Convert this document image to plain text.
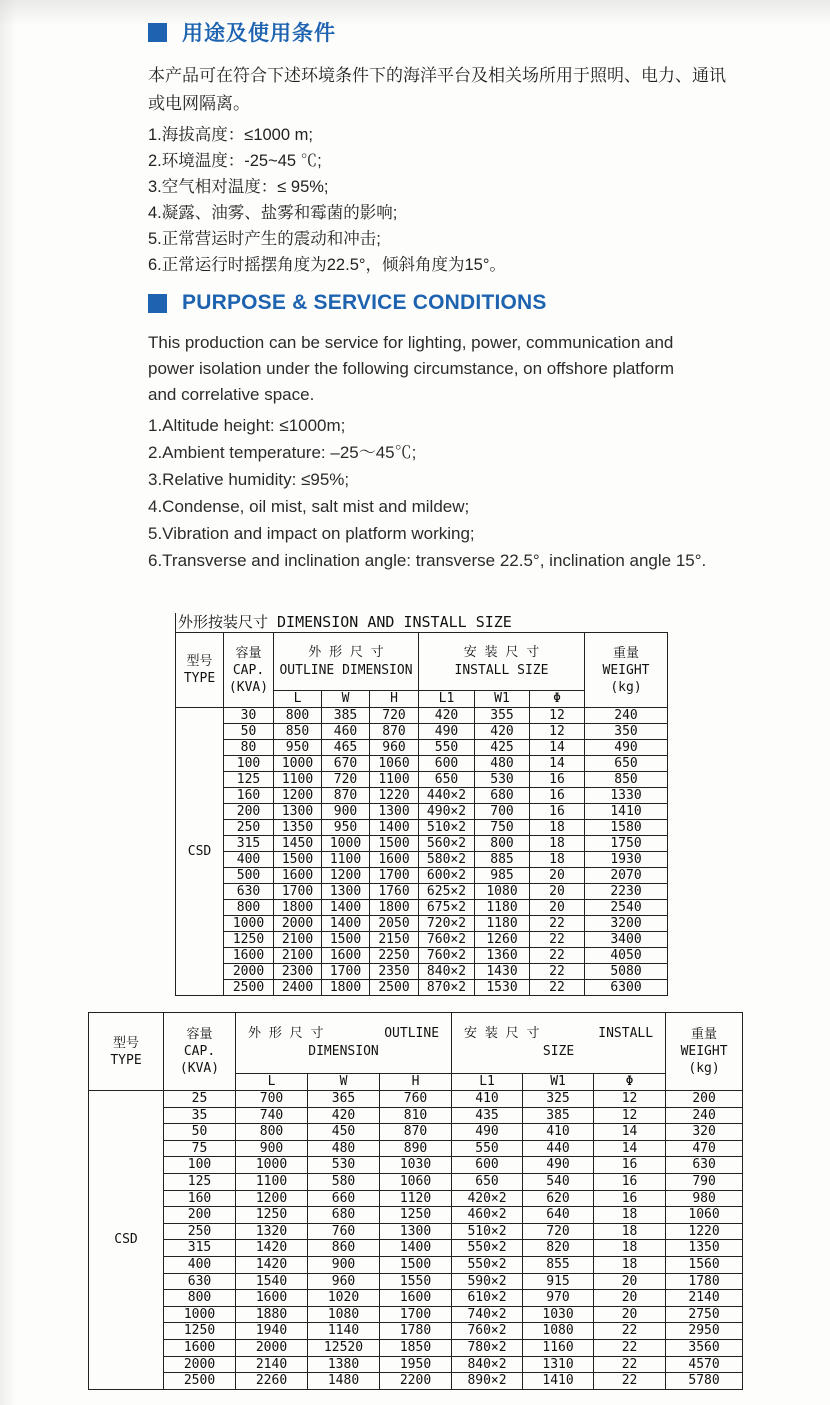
用途及使用条件

本产品可在符合下述环境条件下的海洋平台及相关场所用于照明、电力、通讯或电网隔离。

1.海拔高度：≤1000 m;
2.环境温度：-25~45 ℃;
3.空气相对温度：≤ 95%;
4.凝露、油雾、盐雾和霉菌的影响;
5.正常营运时产生的震动和冲击;
6.正常运行时摇摆角度为22.5°，倾斜角度为15°。
PURPOSE & SERVICE CONDITIONS

This production can be service for lighting, power, communication and power isolation under the following circumstance, on offshore platform and correlative space.

1.Altitude height: ≤1000m;
2.Ambient temperature: –25～45℃;
3.Relative humidity: ≤95%;
4.Condense, oil mist, salt mist and mildew;
5.Vibration and impact on platform working;
6.Transverse and inclination angle: transverse 22.5°, inclination angle 15°.
外形按装尺寸 DIMENSION AND INSTALL SIZE
型号
TYPE

容量
CAP.
(KVA)

外 形 尺 寸
OUTLINE DIMENSION

安 装 尺 寸
INSTALL SIZE

重量
WEIGHT
(kg)

		L	W	H	L1	W1	Φ	
CSD	30	800	385	720	420	355	12	240
	50	850	460	870	490	420	12	350
	80	950	465	960	550	425	14	490
	100	1000	670	1060	600	480	14	650
	125	1100	720	1100	650	530	16	850
	160	1200	870	1220	440×2	680	16	1330
	200	1300	900	1300	490×2	700	16	1410
	250	1350	950	1400	510×2	750	18	1580
	315	1450	1000	1500	560×2	800	18	1750
	400	1500	1100	1600	580×2	885	18	1930
	500	1600	1200	1700	600×2	985	20	2070
	630	1700	1300	1760	625×2	1080	20	2230
	800	1800	1400	1800	675×2	1180	20	2540
	1000	2000	1400	2050	720×2	1180	22	3200
	1250	2100	1500	2150	760×2	1260	22	3400
	1600	2100	1600	2250	760×2	1360	22	4050
	2000	2300	1700	2350	840×2	1430	22	5080
	2500	2400	1800	2500	870×2	1530	22	6300
型号
TYPE

容量
CAP.
(KVA)

外 形 尺 寸	OUTLINE
DIMENSION

安 装 尺 寸	INSTALL
SIZE

重量
WEIGHT
(kg)

		L	W	H	L1	W1	Φ	
CSD	25	700	365	760	410	325	12	200
	35	740	420	810	435	385	12	240
	50	800	450	870	490	410	14	320
	75	900	480	890	550	440	14	470
	100	1000	530	1030	600	490	16	630
	125	1100	580	1060	650	540	16	790
	160	1200	660	1120	420×2	620	16	980
	200	1250	680	1250	460×2	640	18	1060
	250	1320	760	1300	510×2	720	18	1220
	315	1420	860	1400	550×2	820	18	1350
	400	1420	900	1500	550×2	855	18	1560
	630	1540	960	1550	590×2	915	20	1780
	800	1600	1020	1600	610×2	970	20	2140
	1000	1880	1080	1700	740×2	1030	20	2750
	1250	1940	1140	1780	760×2	1080	22	2950
	1600	2000	12520	1850	780×2	1160	22	3560
	2000	2140	1380	1950	840×2	1310	22	4570
	2500	2260	1480	2200	890×2	1410	22	5780
